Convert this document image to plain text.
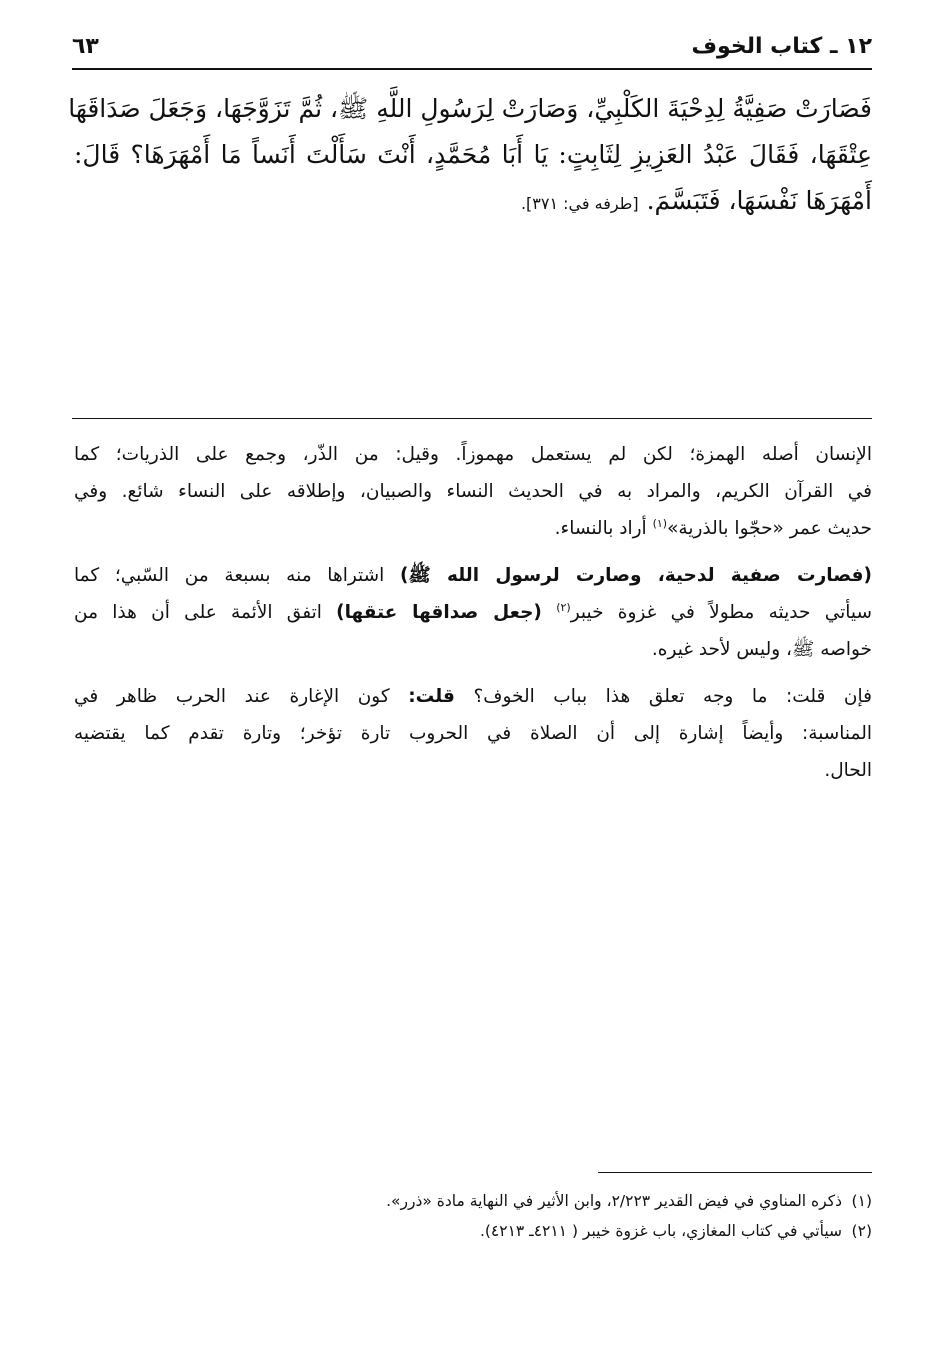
١٢ ـ كتاب الخوف
٦٣
فَصَارَتْ صَفِيَّةُ لِدِحْيَةَ الكَلْبِيِّ، وَصَارَتْ لِرَسُولِ اللَّهِ ﷺ، ثُمَّ تَزَوَّجَهَا، وَجَعَلَ صَدَاقَهَا
عِتْقَهَا، فَقَالَ عَبْدُ العَزِيزِ لِثَابِتٍ: يَا أَبَا مُحَمَّدٍ، أَنْتَ سَأَلْتَ أَنَساً مَا أَمْهَرَهَا؟ قَالَ:
أَمْهَرَهَا نَفْسَهَا، فَتَبَسَّمَ. [طرفه في: ٣٧١].
الإنسان أصله الهمزة؛ لكن لم يستعمل مهموزاً. وقيل: من الذّر، وجمع على الذريات؛ كما
في القرآن الكريم، والمراد به في الحديث النساء والصبيان، وإطلاقه على النساء شائع. وفي
حديث عمر «حجّوا بالذرية»$^{(١)}$ أراد بالنساء.
(فصارت صفية لدحية، وصارت لرسول الله ﷺ) اشتراها منه بسبعة من السّبي؛ كما
سيأتي حديثه مطولاً في غزوة خيبر$^{(٢)}$ (جعل صداقها عتقها) اتفق الأئمة على أن هذا من
خواصه ﷺ، وليس لأحد غيره.
فإن قلت: ما وجه تعلق هذا بباب الخوف؟ قلت: كون الإغارة عند الحرب ظاهر في
المناسبة: وأيضاً إشارة إلى أن الصلاة في الحروب تارة تؤخر؛ وتارة تقدم كما يقتضيه
الحال.
(١)ذكره المناوي في فيض القدير ٢/٢٢٣، وابن الأثير في النهاية مادة «ذرر».
(٢)سيأتي في كتاب المغازي، باب غزوة خيبر ( ٤٢١١ـ ٤٢١٣).
